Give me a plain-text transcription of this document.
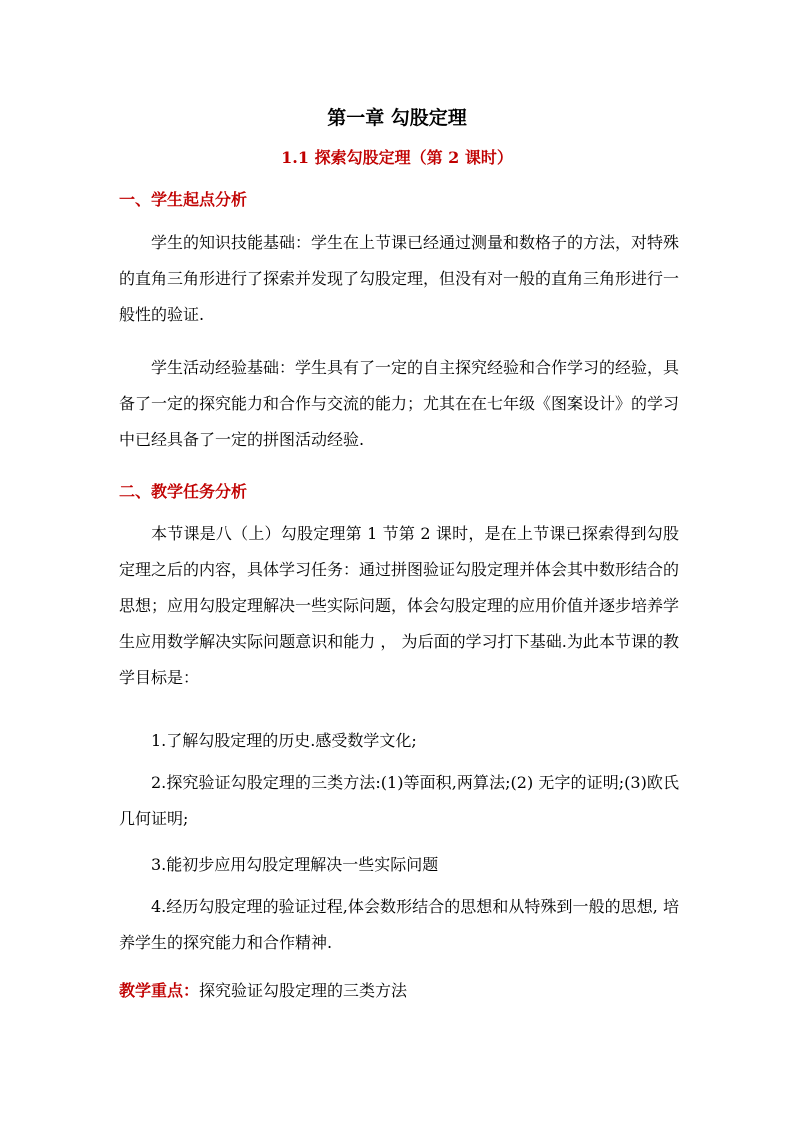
第一章 勾股定理
1.1 探索勾股定理（第 2 课时）
一、学生起点分析

学生的知识技能基础：学生在上节课已经通过测量和数格子的方法，对特殊的直角三角形进行了探索并发现了勾股定理，但没有对一般的直角三角形进行一般性的验证.

学生活动经验基础：学生具有了一定的自主探究经验和合作学习的经验，具备了一定的探究能力和合作与交流的能力；尤其在在七年级《图案设计》的学习中已经具备了一定的拼图活动经验.

二、教学任务分析

本节课是八（上）勾股定理第 1 节第 2 课时，是在上节课已探索得到勾股定理之后的内容，具体学习任务：通过拼图验证勾股定理并体会其中数形结合的思想；应用勾股定理解决一些实际问题，体会勾股定理的应用价值并逐步培养学生应用数学解决实际问题意识和能力 ， 为后面的学习打下基础.为此本节课的教学目标是：

1.了解勾股定理的历史.感受数学文化;

2.探究验证勾股定理的三类方法:(1)等面积,两算法;(2) 无字的证明;(3)欧氏几何证明;

3.能初步应用勾股定理解决一些实际问题

4.经历勾股定理的验证过程,体会数形结合的思想和从特殊到一般的思想, 培养学生的探究能力和合作精神.

教学重点：探究验证勾股定理的三类方法
